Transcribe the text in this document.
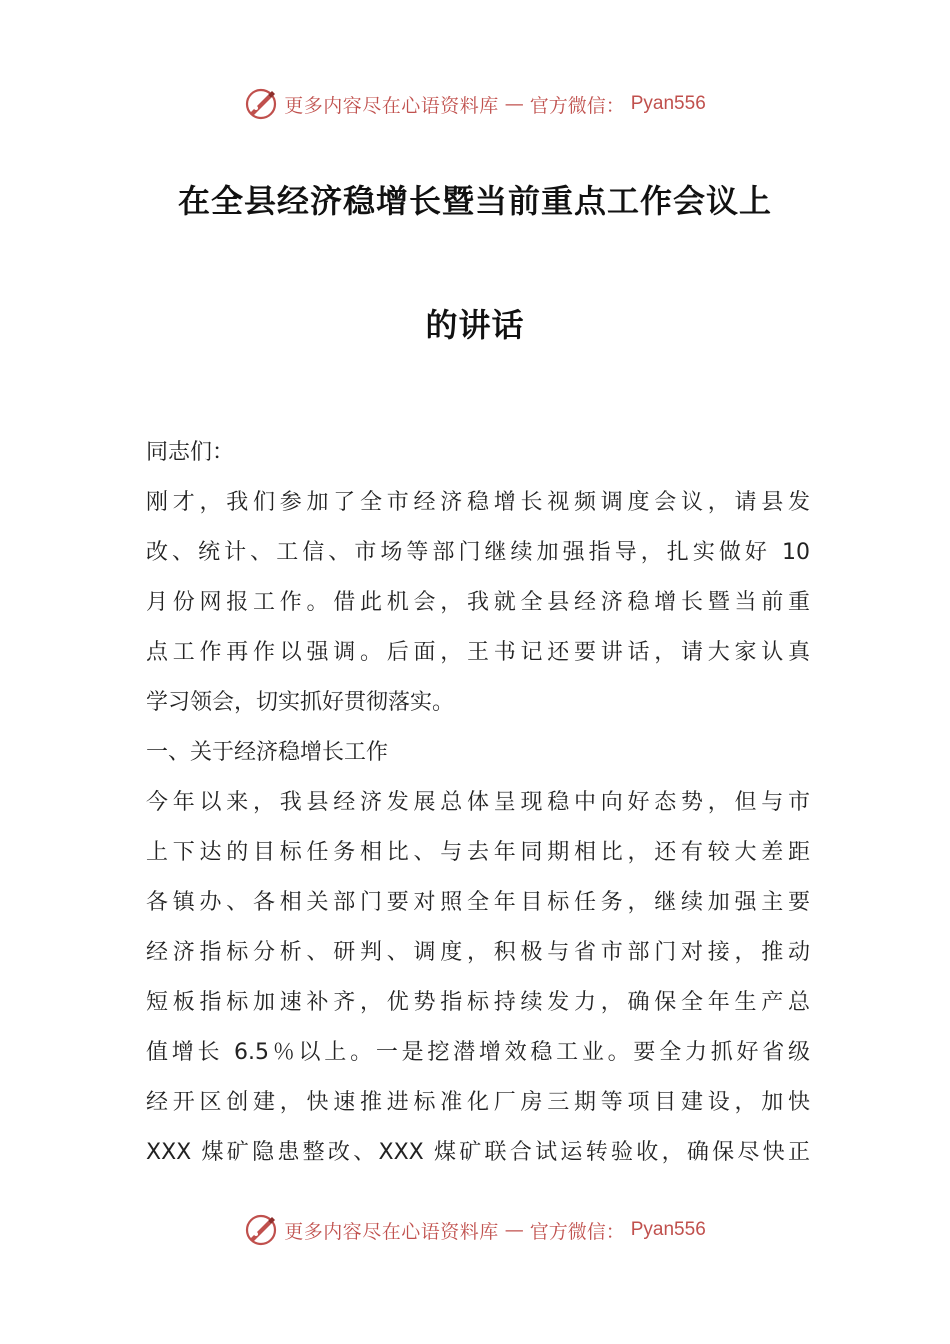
更多内容尽在心语资料库 — 官方微信： Pyan556
在全县经济稳增长暨当前重点工作会议上
的讲话
同志们：
刚才，我们参加了全市经济稳增长视频调度会议，请县发
改、统计、工信、市场等部门继续加强指导，扎实做好 10
月份网报工作。借此机会，我就全县经济稳增长暨当前重
点工作再作以强调。后面，王书记还要讲话，请大家认真
学习领会，切实抓好贯彻落实。
一、关于经济稳增长工作
今年以来，我县经济发展总体呈现稳中向好态势，但与市
上下达的目标任务相比、与去年同期相比，还有较大差距
各镇办、各相关部门要对照全年目标任务，继续加强主要
经济指标分析、研判、调度，积极与省市部门对接，推动
短板指标加速补齐，优势指标持续发力，确保全年生产总
值增长 6.5％以上。一是挖潜增效稳工业。要全力抓好省级
经开区创建，快速推进标准化厂房三期等项目建设，加快
XXX 煤矿隐患整改、XXX 煤矿联合试运转验收，确保尽快正
更多内容尽在心语资料库 — 官方微信： Pyan556
